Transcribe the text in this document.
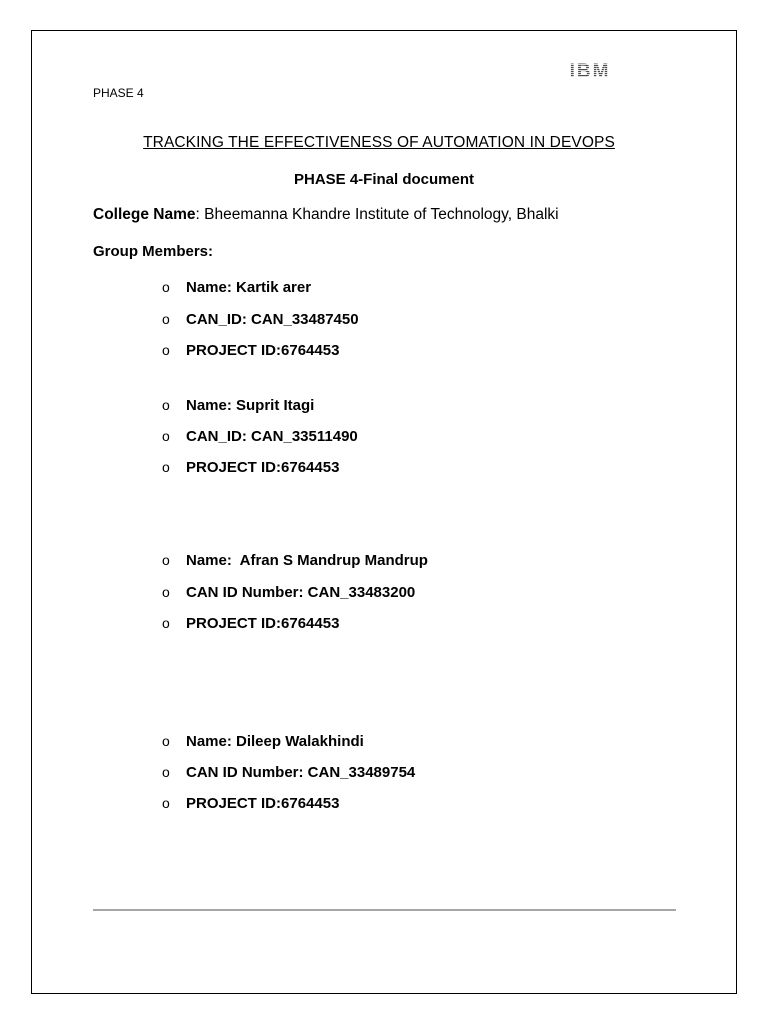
PHASE 4
IBM
TRACKING THE EFFECTIVENESS OF AUTOMATION IN DEVOPS
PHASE 4-Final document
College Name: Bheemanna Khandre Institute of Technology, Bhalki
Group Members:
o Name: Kartik arer
o CAN_ID: CAN_33487450
o PROJECT ID:6764453
o Name: Suprit Itagi
o CAN_ID: CAN_33511490
o PROJECT ID:6764453
o Name:  Afran S Mandrup Mandrup
o CAN ID Number: CAN_33483200
o PROJECT ID:6764453
o Name: Dileep Walakhindi
o CAN ID Number: CAN_33489754
o PROJECT ID:6764453
